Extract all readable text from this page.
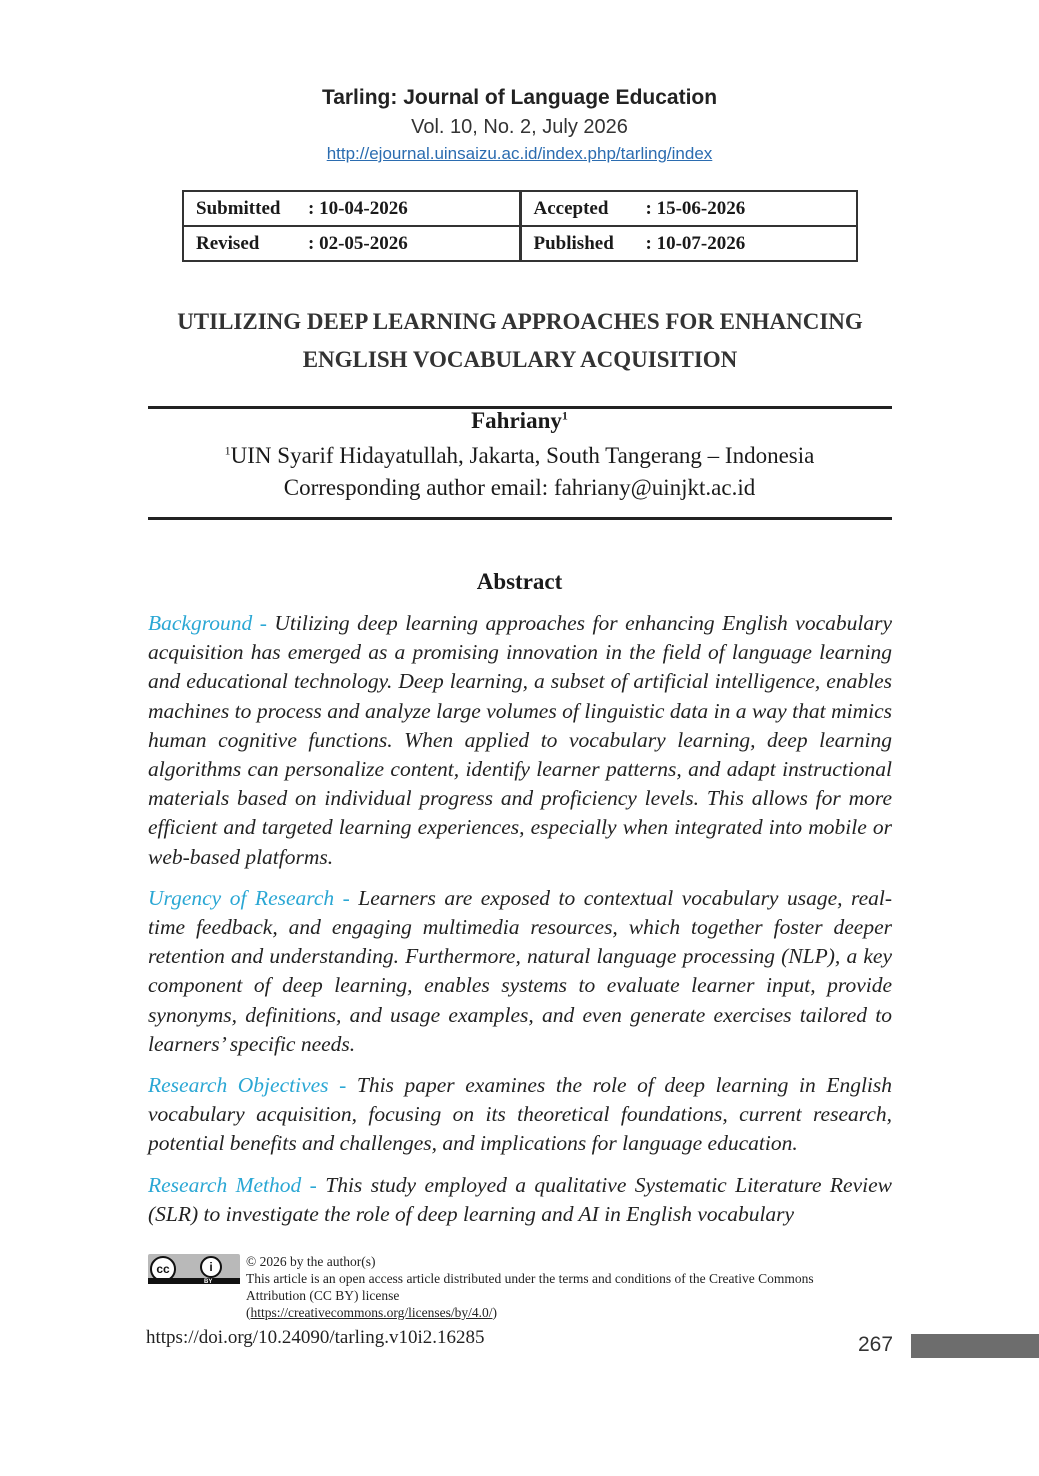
Tarling: Journal of Language Education
Vol. 10, No. 2, July 2026
http://ejournal.uinsaizu.ac.id/index.php/tarling/index
Submitted : 10-04-2026	Accepted : 15-06-2026
Revised : 02-05-2026	Published : 10-07-2026
UTILIZING DEEP LEARNING APPROACHES FOR ENHANCING
ENGLISH VOCABULARY ACQUISITION
Fahriany$^1$
$^1$UIN Syarif Hidayatullah, Jakarta, South Tangerang – Indonesia
Corresponding author email: fahriany@uinjkt.ac.id
Abstract

Background - Utilizing deep learning approaches for enhancing English vocabulary acquisition has emerged as a promising innovation in the field of language learning and educational technology. Deep learning, a subset of artificial intelligence, enables machines to process and analyze large volumes of linguistic data in a way that mimics human cognitive functions. When applied to vocabulary learning, deep learning algorithms can personalize content, identify learner patterns, and adapt instructional materials based on individual progress and proficiency levels. This allows for more efficient and targeted learning experiences, especially when integrated into mobile or web-based platforms.

Urgency of Research - Learners are exposed to contextual vocabulary usage, real-time feedback, and engaging multimedia resources, which together foster deeper retention and understanding. Furthermore, natural language processing (NLP), a key component of deep learning, enables systems to evaluate learner input, provide synonyms, definitions, and usage examples, and even generate exercises tailored to learners’ specific needs.

Research Objectives - This paper examines the role of deep learning in English vocabulary acquisition, focusing on its theoretical foundations, current research, potential benefits and challenges, and implications for language education.

Research Method - This study employed a qualitative Systematic Literature Review (SLR) to investigate the role of deep learning and AI in English vocabulary

cc	i
BY
© 2026 by the author(s)
This article is an open access article distributed under the terms and conditions of the Creative Commons
Attribution (CC BY) license
(https://creativecommons.org/licenses/by/4.0/)
https://doi.org/10.24090/tarling.v10i2.16285	267
